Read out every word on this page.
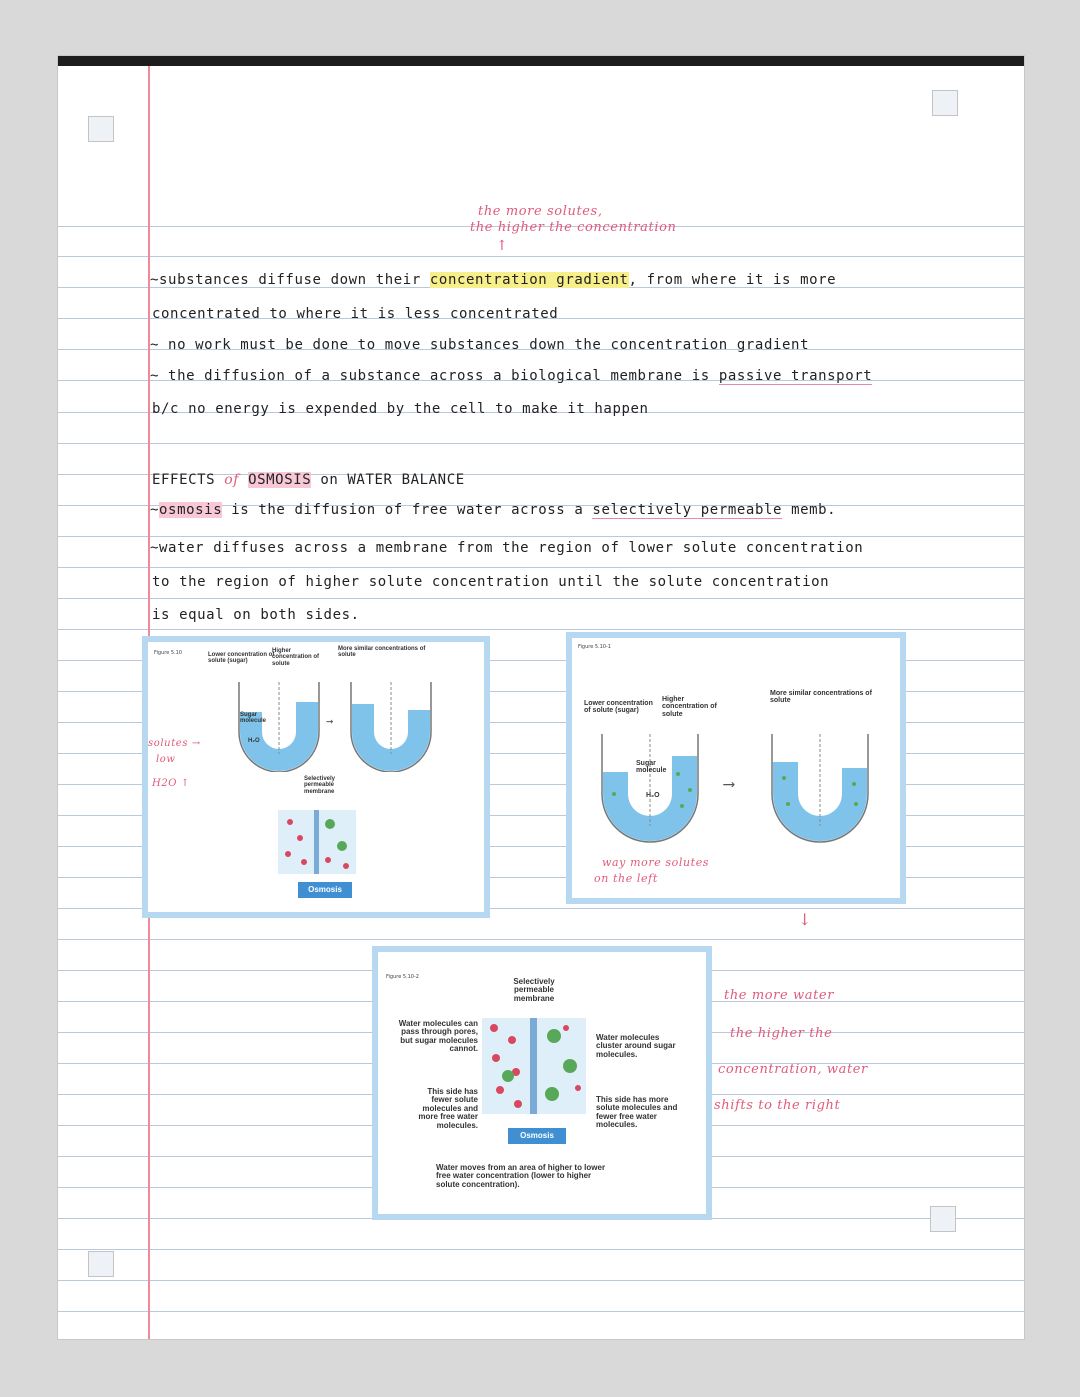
the more solutes,
the higher the concentration
↑
~substances diffuse down their concentration gradient, from where it is more
concentrated to where it is less concentrated
~ no work must be done to move substances down the concentration gradient
~ the diffusion of a substance across a biological membrane is passive transport
b/c no energy is expended by the cell to make it happen
EFFECTS of OSMOSIS on WATER BALANCE
~osmosis is the diffusion of free water across a selectively permeable memb.
~water diffuses across a membrane from the region of lower solute concentration
to the region of higher solute concentration until the solute concentration
is equal on both sides.
Figure 5.10	Lower concentration of solute (sugar)
Higher concentration of solute
More similar concentrations of solute
Sugar molecule
H₂O
→
Selectively permeable membrane
Osmosis
solutes →
low
H2O ↑
Figure 5.10-1
Lower concentration of solute (sugar)
Higher concentration of solute
More similar concentrations of solute
Sugar molecule
H₂O
⟶
way more solutes
on the left
Figure 5.10-2	Selectively permeable membrane
Water molecules can pass through pores, but sugar molecules cannot.
This side has fewer solute molecules and more free water molecules.
Water molecules cluster around sugar molecules.
This side has more solute molecules and fewer free water molecules.
Osmosis
Water moves from an area of higher to lower free water concentration (lower to higher solute concentration).
the more water
the higher the
concentration, water
shifts to the right
↓
